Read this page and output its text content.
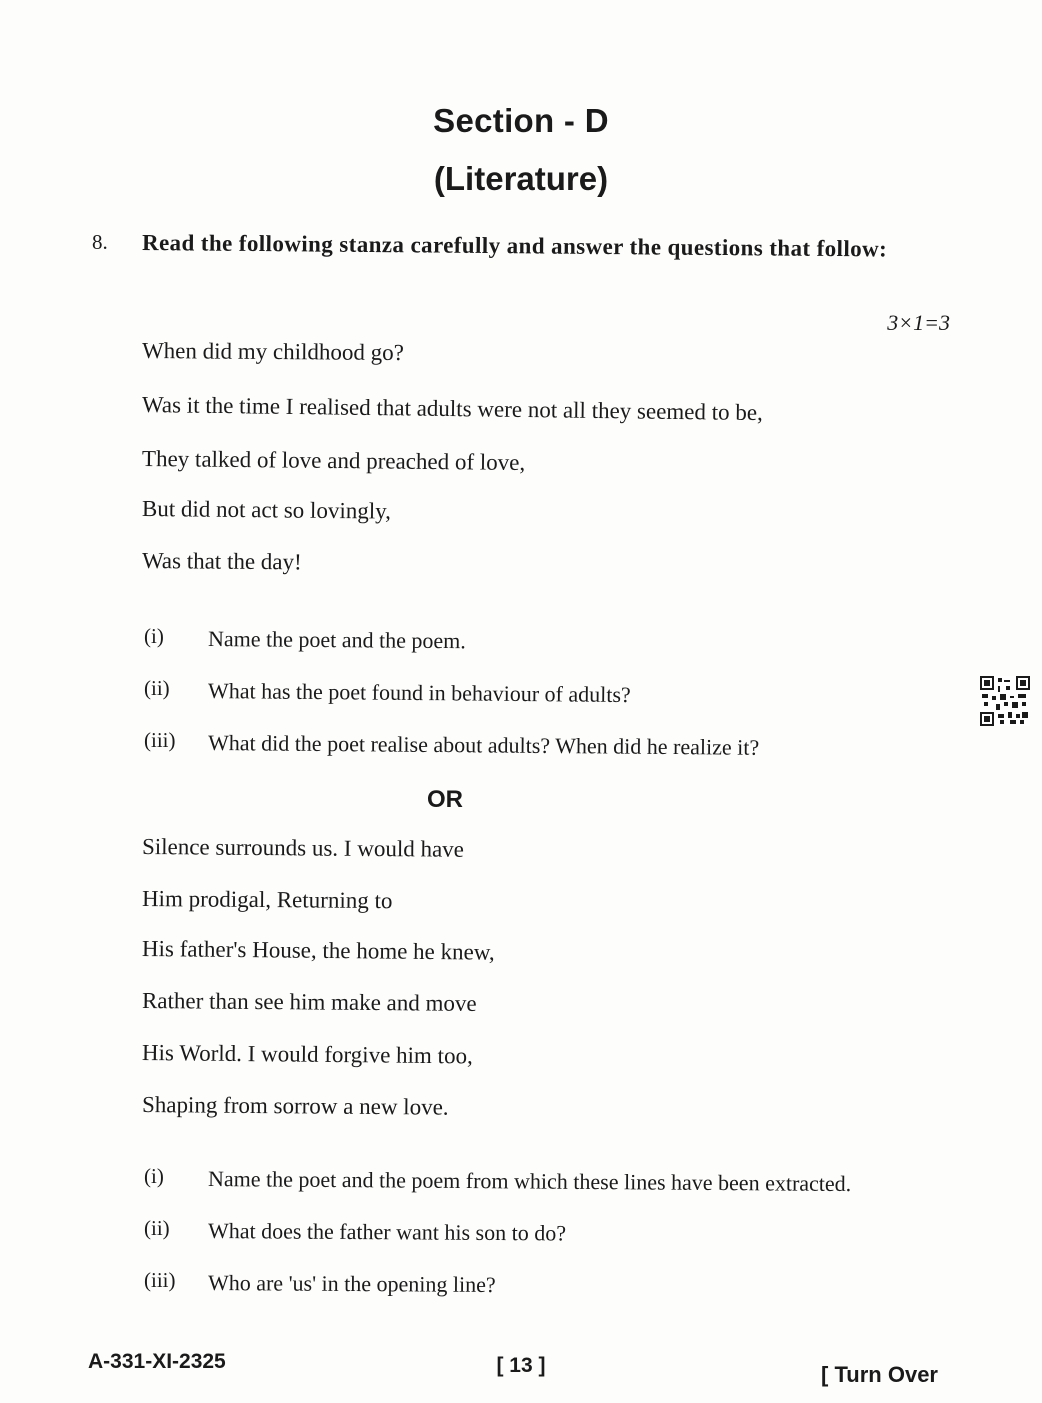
Section - D
(Literature)
8. Read the following stanza carefully and answer the questions that follow:
3×1=3
When did my childhood go?
Was it the time I realised that adults were not all they seemed to be,
They talked of love and preached of love,
But did not act so lovingly,
Was that the day!
(i) Name the poet and the poem.
(ii) What has the poet found in behaviour of adults?
(iii) What did the poet realise about adults? When did he realize it?
OR
Silence surrounds us. I would have
Him prodigal, Returning to
His father's House, the home he knew,
Rather than see him make and move
His World. I would forgive him too,
Shaping from sorrow a new love.
(i) Name the poet and the poem from which these lines have been extracted.
(ii) What does the father want his son to do?
(iii) Who are 'us' in the opening line?
A-331-XI-2325	[ 13 ]	[ Turn Over
